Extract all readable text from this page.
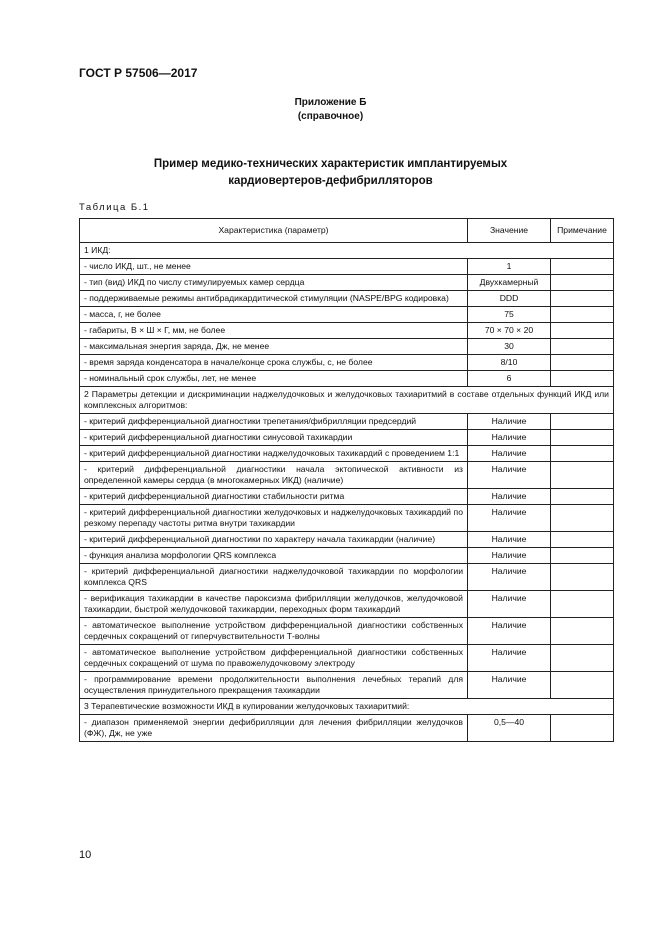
ГОСТ Р 57506—2017
Приложение Б
(справочное)
Пример медико-технических характеристик имплантируемых
кардиовертеров-дефибрилляторов
Таблица Б.1
Характеристика (параметр)	Значение	Примечание
1 ИКД:		
- число ИКД, шт., не менее	1	
- тип (вид) ИКД по числу стимулируемых камер сердца	Двухкамерный	
- поддерживаемые режимы антибрадикардитической стимуляции (NASPE/BPG кодировка)	DDD	
- масса, г, не более	75	
- габариты, В × Ш × Г, мм, не более	70 × 70 × 20	
- максимальная энергия заряда, Дж, не менее	30	
- время заряда конденсатора в начале/конце срока службы, с, не более	8/10	
- номинальный срок службы, лет, не менее	6	
2 Параметры детекции и дискриминации наджелудочковых и желудочковых тахиаритмий в составе отдельных функций ИКД или комплексных алгоритмов:		
- критерий дифференциальной диагностики трепетания/фибрилляции предсердий	Наличие	
- критерий дифференциальной диагностики синусовой тахикардии	Наличие	
- критерий дифференциальной диагностики наджелудочковых тахикардий с проведением 1:1	Наличие	
- критерий дифференциальной диагностики начала эктопической активности из определенной камеры сердца (в многокамерных ИКД) (наличие)	Наличие	
- критерий дифференциальной диагностики стабильности ритма	Наличие	
- критерий дифференциальной диагностики желудочковых и наджелудочковых тахикардий по резкому перепаду частоты ритма внутри тахикардии	Наличие	
- критерий дифференциальной диагностики по характеру начала тахикардии (наличие)	Наличие	
- функция анализа морфологии QRS комплекса	Наличие	
- критерий дифференциальной диагностики наджелудочковой тахикардии по морфологии комплекса QRS	Наличие	
- верификация тахикардии в качестве пароксизма фибрилляции желудочков, желудочковой тахикардии, быстрой желудочковой тахикардии, переходных форм тахикардий	Наличие	
- автоматическое выполнение устройством дифференциальной диагностики собственных сердечных сокращений от гиперчувствительности Т-волны	Наличие	
- автоматическое выполнение устройством дифференциальной диагностики собственных сердечных сокращений от шума по правожелудочковому электроду	Наличие	
- программирование времени продолжительности выполнения лечебных терапий для осуществления принудительного прекращения тахикардии	Наличие	
3 Терапевтические возможности ИКД в купировании желудочковых тахиаритмий:		
- диапазон применяемой энергии дефибрилляции для лечения фибрилляции желудочков (ФЖ), Дж, не уже	0,5—40	
10
